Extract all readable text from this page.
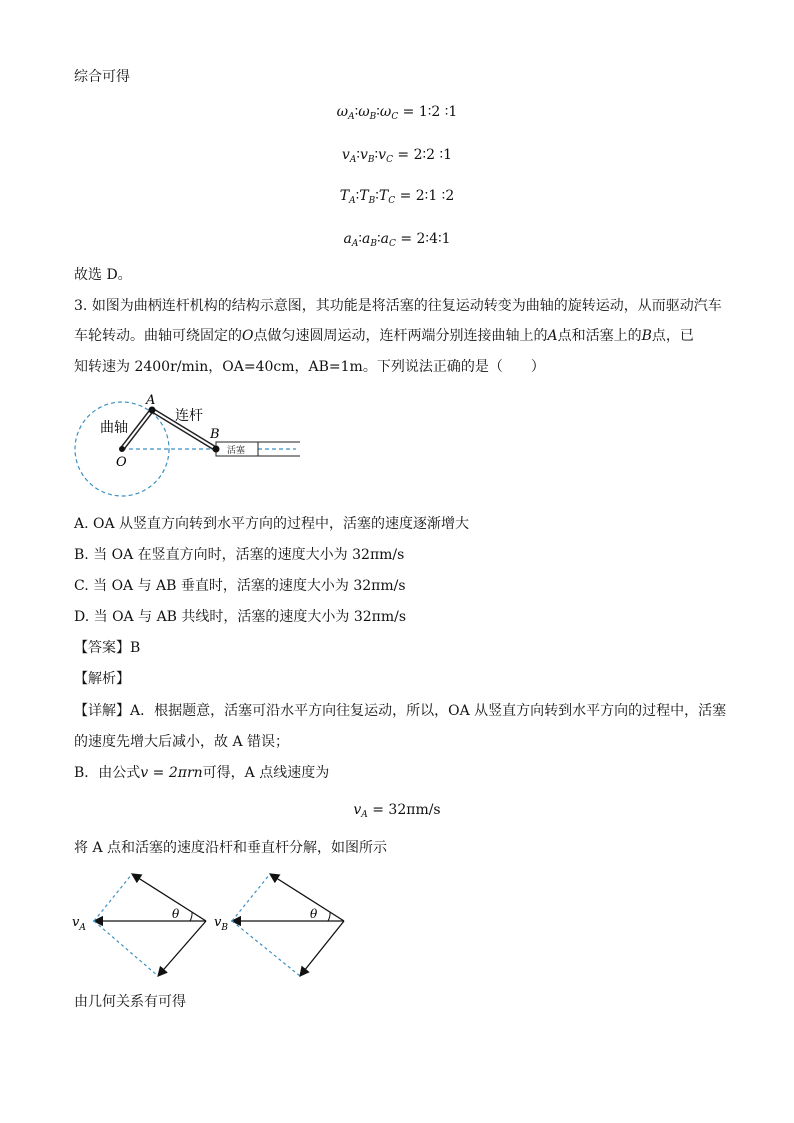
综合可得
$\omega_A∶\omega_B∶\omega_C$ = 1∶2 ∶1
$v_A∶v_B∶v_C$ = 2∶2 ∶1
$T_A∶T_B∶T_C$ = 2∶1 ∶2
$a_A∶a_B∶a_C$ = 2∶4∶1
故选 D。
3. 如图为曲柄连杆机构的结构示意图，其功能是将活塞的往复运动转变为曲轴的旋转运动，从而驱动汽车
车轮转动。曲轴可绕固定的O点做匀速圆周运动，连杆两端分别连接曲轴上的A点和活塞上的B点，已
知转速为 2400r/min，OA=40cm，AB=1m。下列说法正确的是（　　）
活塞
A
B
O
曲轴
连杆
A. OA 从竖直方向转到水平方向的过程中，活塞的速度逐渐增大
B. 当 OA 在竖直方向时，活塞的速度大小为 32πm/s
C. 当 OA 与 AB 垂直时，活塞的速度大小为 32πm/s
D. 当 OA 与 AB 共线时，活塞的速度大小为 32πm/s
【答案】B
【解析】
【详解】A．根据题意，活塞可沿水平方向往复运动，所以，OA 从竖直方向转到水平方向的过程中，活塞
的速度先增大后减小，故 A 错误；
B．由公式v = 2πrn可得，A 点线速度为
$v_A = 32\pi m/s$
将 A 点和活塞的速度沿杆和垂直杆分解，如图所示
θ
$v_A$
θ
$v_B$
由几何关系有可得
